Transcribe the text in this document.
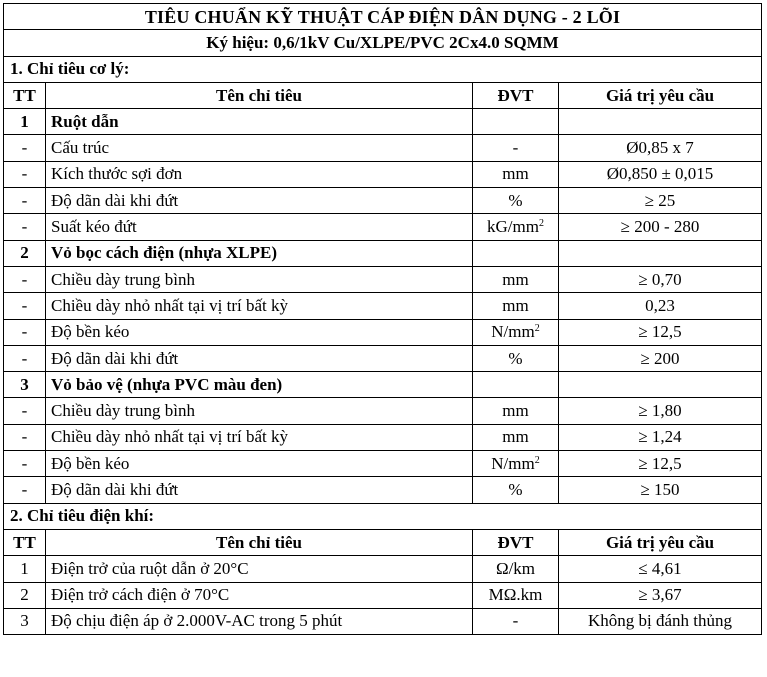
TIÊU CHUẨN KỸ THUẬT CÁP ĐIỆN DÂN DỤNG - 2 LÕI			
Ký hiệu: 0,6/1kV Cu/XLPE/PVC 2Cx4.0 SQMM			
1. Chỉ tiêu cơ lý:			
TT	Tên chỉ tiêu	ĐVT	Giá trị yêu cầu
1	Ruột dẫn		
-	Cấu trúc	-	Ø0,85 x 7
-	Kích thước sợi đơn	mm	Ø0,850 ± 0,015
-	Độ dãn dài khi đứt	%	≥ 25
-	Suất kéo đứt	$kG/mm^2$	≥ 200 - 280
2	Vỏ bọc cách điện (nhựa XLPE)		
-	Chiều dày trung bình	mm	≥ 0,70
-	Chiều dày nhỏ nhất tại vị trí bất kỳ	mm	0,23
-	Độ bền kéo	$N/mm^2$	≥ 12,5
-	Độ dãn dài khi đứt	%	≥ 200
3	Vỏ bảo vệ (nhựa PVC màu đen)		
-	Chiều dày trung bình	mm	≥ 1,80
-	Chiều dày nhỏ nhất tại vị trí bất kỳ	mm	≥ 1,24
-	Độ bền kéo	$N/mm^2$	≥ 12,5
-	Độ dãn dài khi đứt	%	≥ 150
2. Chỉ tiêu điện khí:			
TT	Tên chỉ tiêu	ĐVT	Giá trị yêu cầu
1	Điện trở của ruột dẫn ở 20°C	Ω/km	≤ 4,61
2	Điện trở cách điện ở 70°C	MΩ.km	≥ 3,67
3	Độ chịu điện áp ở 2.000V-AC trong 5 phút	-	Không bị đánh thủng
